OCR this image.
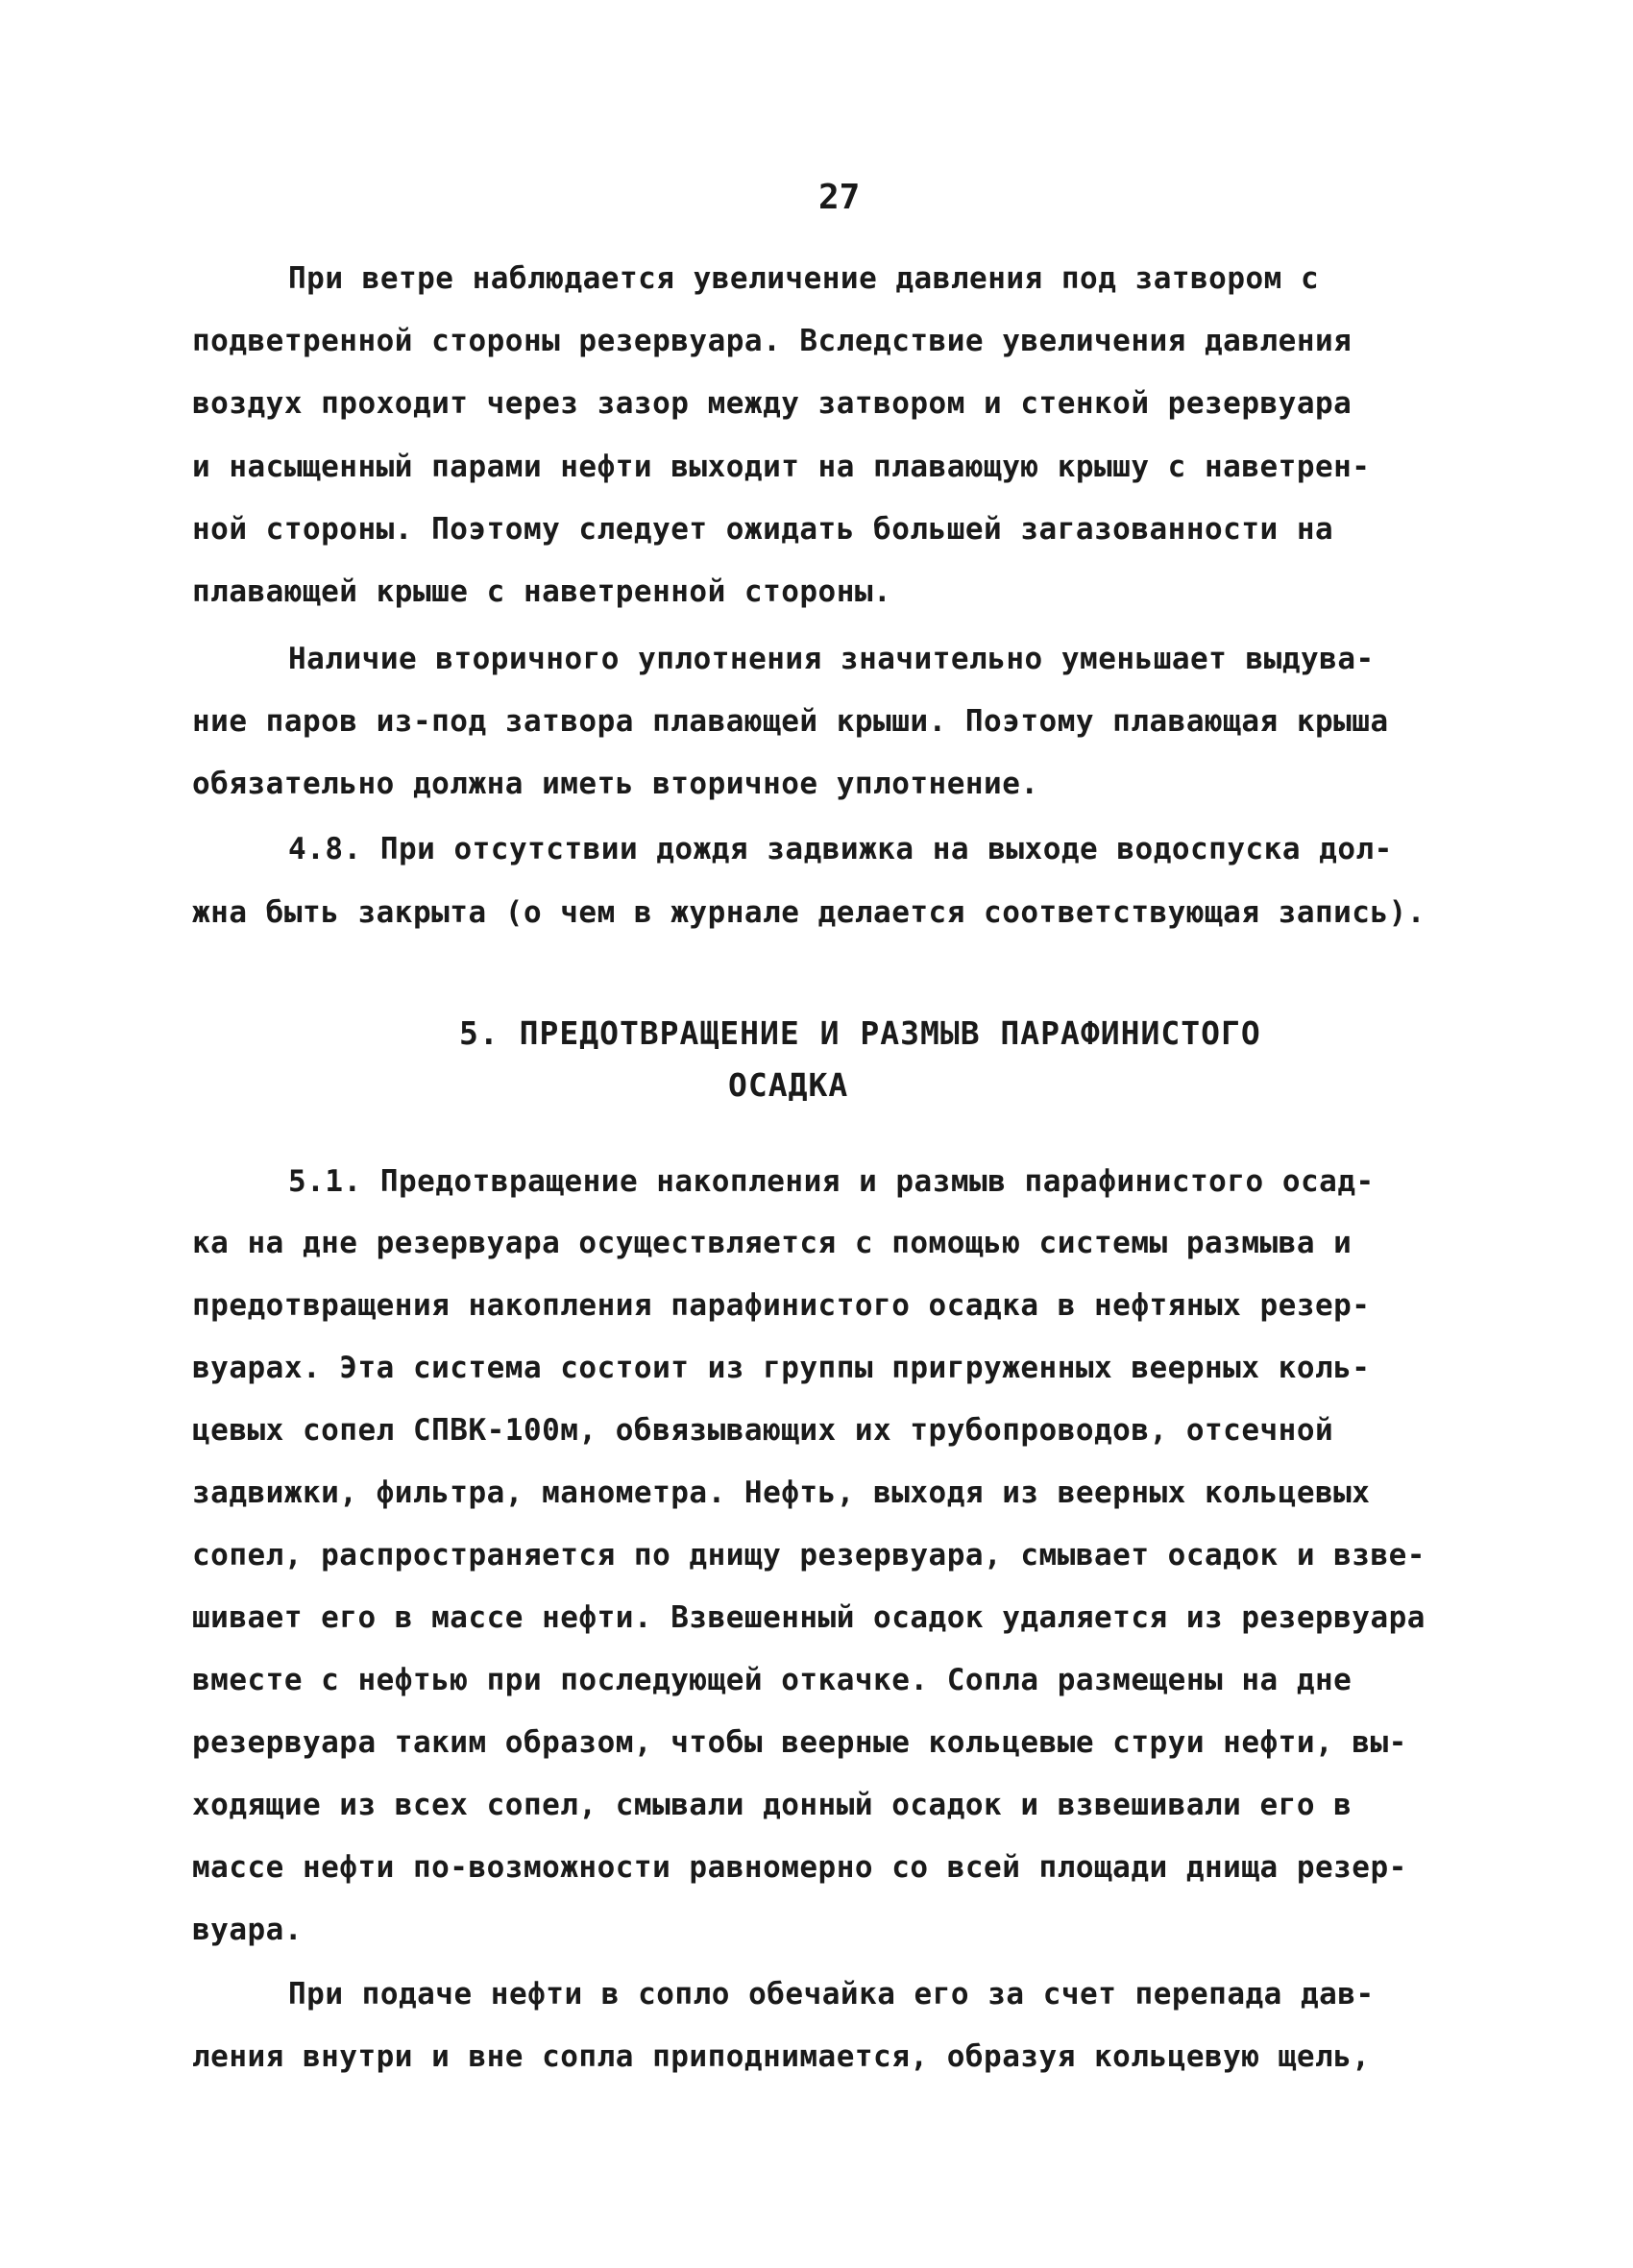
27
При ветре наблюдается увеличение давления под затвором с
подветренной стороны резервуара. Вследствие увеличения давления
воздух проходит через зазор между затвором и стенкой резервуара
и насыщенный парами нефти выходит на плавающую крышу с наветрен-
ной стороны. Поэтому следует ожидать большей загазованности на
плавающей крыше с наветренной стороны.
Наличие вторичного уплотнения значительно уменьшает выдува-
ние паров из-под затвора плавающей крыши. Поэтому плавающая крыша
обязательно должна иметь вторичное уплотнение.
4.8. При отсутствии дождя задвижка на выходе водоспуска дол-
жна быть закрыта (о чем в журнале делается соответствующая запись).
5. ПРЕДОТВРАЩЕНИЕ И РАЗМЫВ ПАРАФИНИСТОГО
ОСАДКА
5.1. Предотвращение накопления и размыв парафинистого осад-
ка на дне резервуара осуществляется с помощью системы размыва и
предотвращения накопления парафинистого осадка в нефтяных резер-
вуарах. Эта система состоит из группы пригруженных веерных коль-
цевых сопел СПВК-100м, обвязывающих их трубопроводов, отсечной
задвижки, фильтра, манометра. Нефть, выходя из веерных кольцевых
сопел, распространяется по днищу резервуара, смывает осадок и взве-
шивает его в массе нефти. Взвешенный осадок удаляется из резервуара
вместе с нефтью при последующей откачке. Сопла размещены на дне
резервуара таким образом, чтобы веерные кольцевые струи нефти, вы-
ходящие из всех сопел, смывали донный осадок и взвешивали его в
массе нефти по-возможности равномерно со всей площади днища резер-
вуара.
При подаче нефти в сопло обечайка его за счет перепада дав-
ления внутри и вне сопла приподнимается, образуя кольцевую щель,
